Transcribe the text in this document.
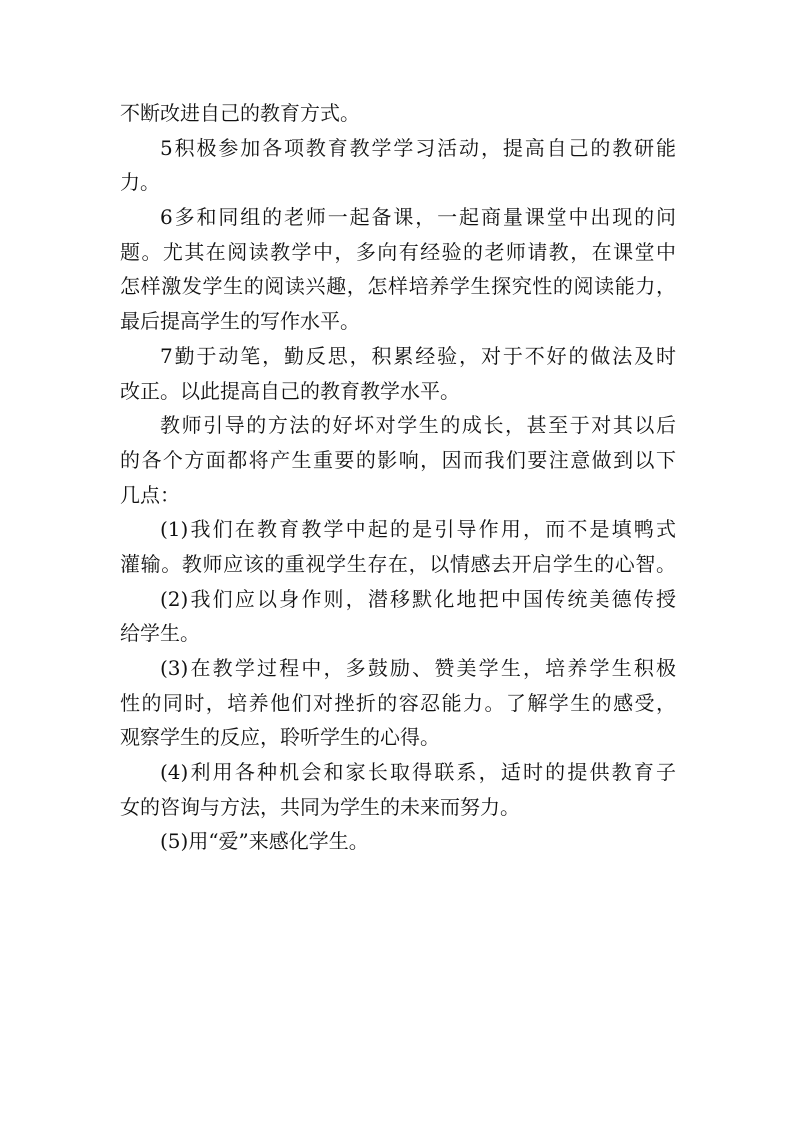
不断改进自己的教育方式。
5积极参加各项教育教学学习活动，提高自己的教研能
力。
6多和同组的老师一起备课，一起商量课堂中出现的问
题。尤其在阅读教学中，多向有经验的老师请教，在课堂中
怎样激发学生的阅读兴趣，怎样培养学生探究性的阅读能力，
最后提高学生的写作水平。
7勤于动笔，勤反思，积累经验，对于不好的做法及时
改正。以此提高自己的教育教学水平。
教师引导的方法的好坏对学生的成长，甚至于对其以后
的各个方面都将产生重要的影响，因而我们要注意做到以下
几点：
(1)我们在教育教学中起的是引导作用，而不是填鸭式
灌输。教师应该的重视学生存在，以情感去开启学生的心智。
(2)我们应以身作则，潜移默化地把中国传统美德传授
给学生。
(3)在教学过程中，多鼓励、赞美学生，培养学生积极
性的同时，培养他们对挫折的容忍能力。了解学生的感受，
观察学生的反应，聆听学生的心得。
(4)利用各种机会和家长取得联系，适时的提供教育子
女的咨询与方法，共同为学生的未来而努力。
(5)用“爱”来感化学生。
